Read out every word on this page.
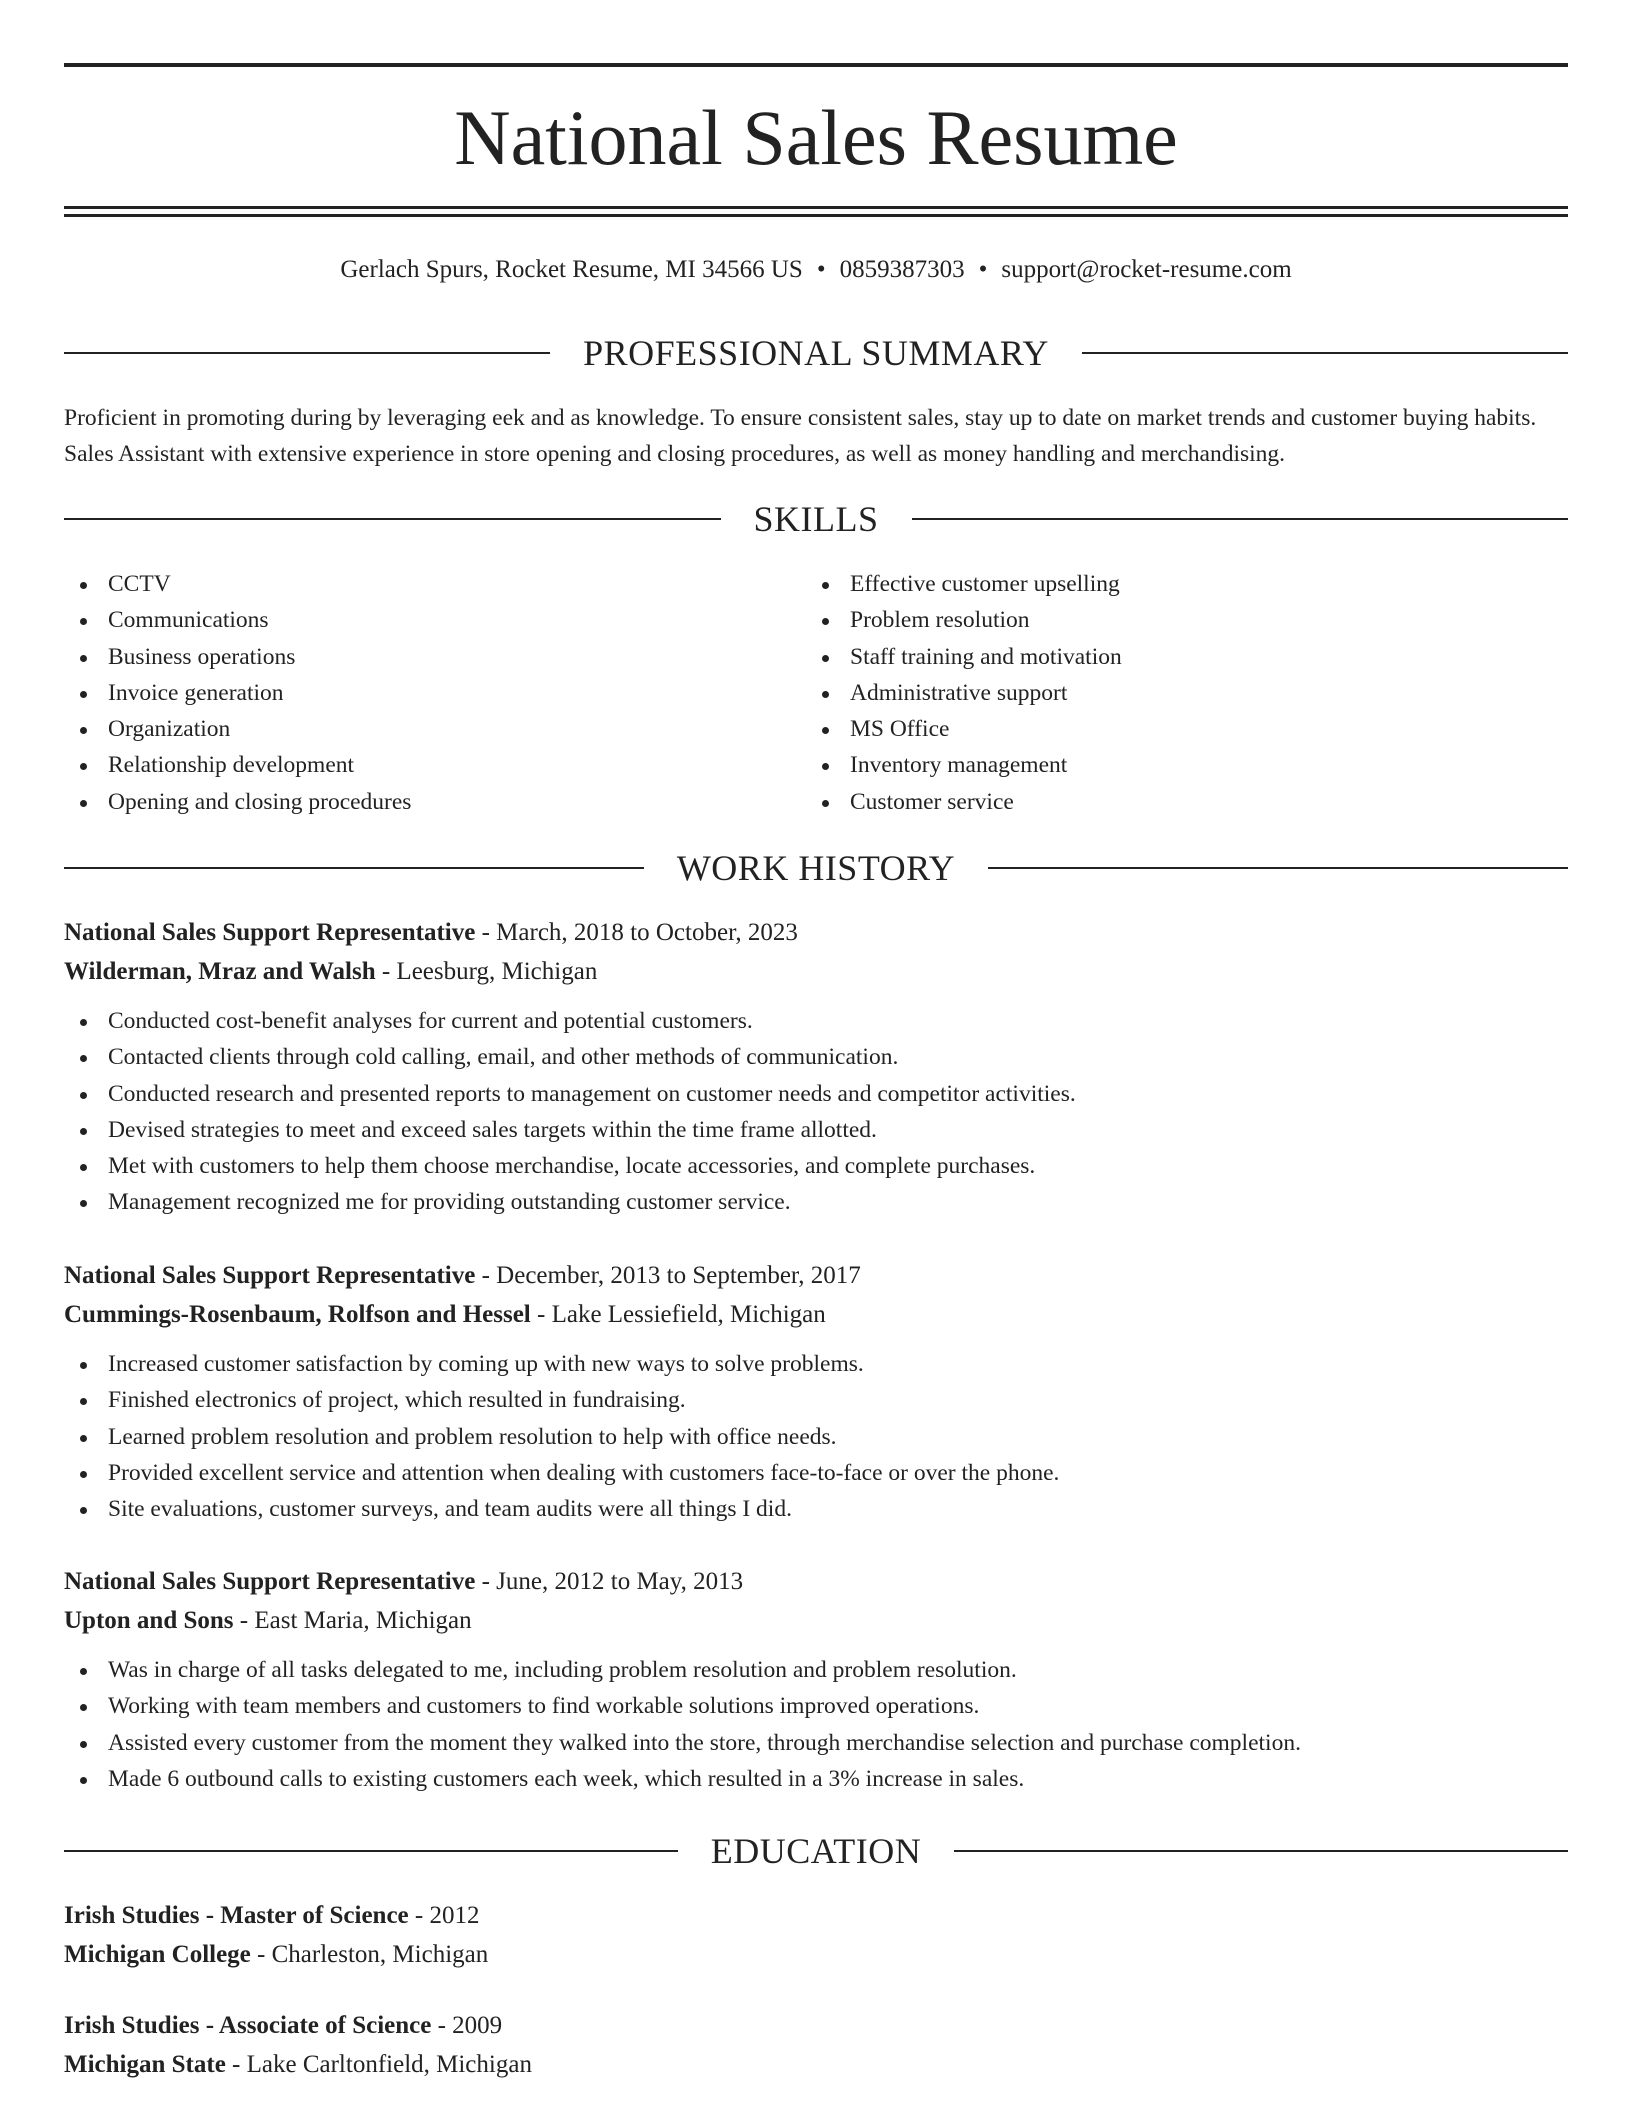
National Sales Resume
Gerlach Spurs, Rocket Resume, MI 34566 US • 0859387303 • support@rocket-resume.com
PROFESSIONAL SUMMARY

Proficient in promoting during by leveraging eek and as knowledge. To ensure consistent sales, stay up to date on market trends and customer buying habits. Sales Assistant with extensive experience in store opening and closing procedures, as well as money handling and merchandising.

SKILLS
CCTV
Communications
Business operations
Invoice generation
Organization
Relationship development
Opening and closing procedures
Effective customer upselling
Problem resolution
Staff training and motivation
Administrative support
MS Office
Inventory management
Customer service
WORK HISTORY
National Sales Support Representative - March, 2018 to October, 2023
Wilderman, Mraz and Walsh - Leesburg, Michigan
Conducted cost-benefit analyses for current and potential customers.
Contacted clients through cold calling, email, and other methods of communication.
Conducted research and presented reports to management on customer needs and competitor activities.
Devised strategies to meet and exceed sales targets within the time frame allotted.
Met with customers to help them choose merchandise, locate accessories, and complete purchases.
Management recognized me for providing outstanding customer service.
National Sales Support Representative - December, 2013 to September, 2017
Cummings-Rosenbaum, Rolfson and Hessel - Lake Lessiefield, Michigan
Increased customer satisfaction by coming up with new ways to solve problems.
Finished electronics of project, which resulted in fundraising.
Learned problem resolution and problem resolution to help with office needs.
Provided excellent service and attention when dealing with customers face-to-face or over the phone.
Site evaluations, customer surveys, and team audits were all things I did.
National Sales Support Representative - June, 2012 to May, 2013
Upton and Sons - East Maria, Michigan
Was in charge of all tasks delegated to me, including problem resolution and problem resolution.
Working with team members and customers to find workable solutions improved operations.
Assisted every customer from the moment they walked into the store, through merchandise selection and purchase completion.
Made 6 outbound calls to existing customers each week, which resulted in a 3% increase in sales.
EDUCATION
Irish Studies - Master of Science - 2012
Michigan College - Charleston, Michigan
Irish Studies - Associate of Science - 2009
Michigan State - Lake Carltonfield, Michigan
